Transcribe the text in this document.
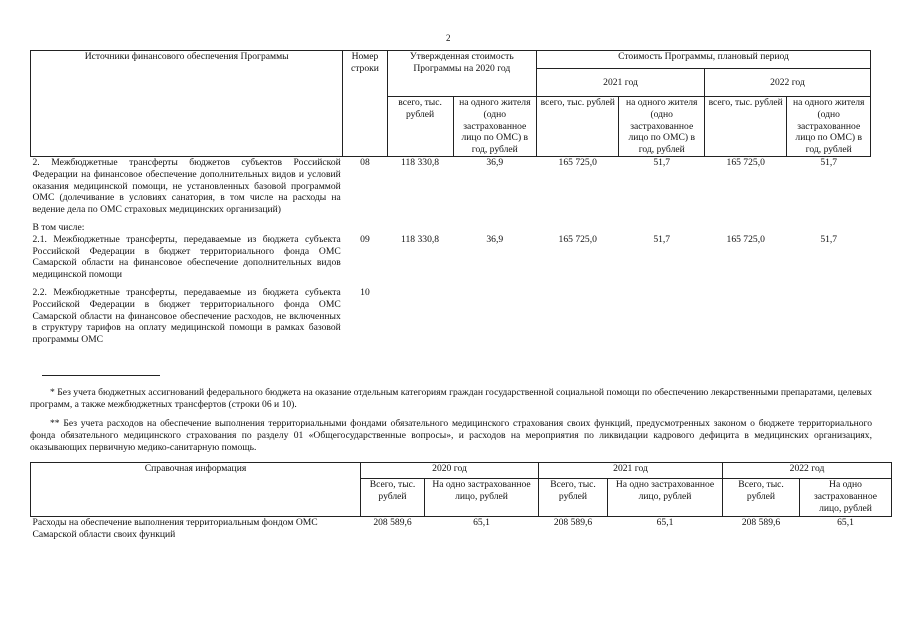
2
Источники финансового обеспечения Программы	Номер строки	Утвержденная стоимость Программы на 2020 год		Стоимость Программы, плановый период			
				2021 год		2022 год	
		всего, тыс. рублей	на одного жителя (одно застрахованное лицо по ОМС) в год, рублей	всего, тыс. рублей	на одного жителя (одно застрахованное лицо по ОМС) в год, рублей	всего, тыс. рублей	на одного жителя (одно застрахованное лицо по ОМС) в год, рублей
2. Межбюджетные трансферты бюджетов субъектов Российской Федерации на финансовое обеспечение дополнительных видов и условий оказания медицинской помощи, не установленных базовой программой ОМС (долечивание в условиях санатория, в том числе на расходы на ведение дела по ОМС страховых медицинских организаций)	08	118 330,8	36,9	165 725,0	51,7	165 725,0	51,7

В том числе:
2.1. Межбюджетные трансферты, передаваемые из бюджета субъекта Российской Федерации в бюджет территориального фонда ОМС Самарской области на финансовое обеспечение дополнительных видов медицинской помощи	09	118 330,8	36,9	165 725,0	51,7	165 725,0	51,7
2.2. Межбюджетные трансферты, передаваемые из бюджета субъекта Российской Федерации в бюджет территориального фонда ОМС Самарской области на финансовое обеспечение расходов, не включенных в структуру тарифов на оплату медицинской помощи в рамках базовой программы ОМС	10						
* Без учета бюджетных ассигнований федерального бюджета на оказание отдельным категориям граждан государственной социальной помощи по обеспечению лекарственными препаратами, целевых программ, а также межбюджетных трансфертов (строки 06 и 10).
** Без учета расходов на обеспечение выполнения территориальными фондами обязательного медицинского страхования своих функций, предусмотренных законом о бюджете территориального фонда обязательного медицинского страхования по разделу 01 «Общегосударственные вопросы», и расходов на мероприятия по ликвидации кадрового дефицита в медицинских организациях, оказывающих первичную медико-санитарную помощь.
Справочная информация	2020 год		2021 год		2022 год	
	Всего, тыс. рублей	На одно застрахованное лицо, рублей	Всего, тыс. рублей	На одно застрахованное лицо, рублей	Всего, тыс. рублей	На одно застрахованное лицо, рублей
Расходы на обеспечение выполнения территориальным фондом ОМС Самарской области своих функций	208 589,6	65,1	208 589,6	65,1	208 589,6	65,1
